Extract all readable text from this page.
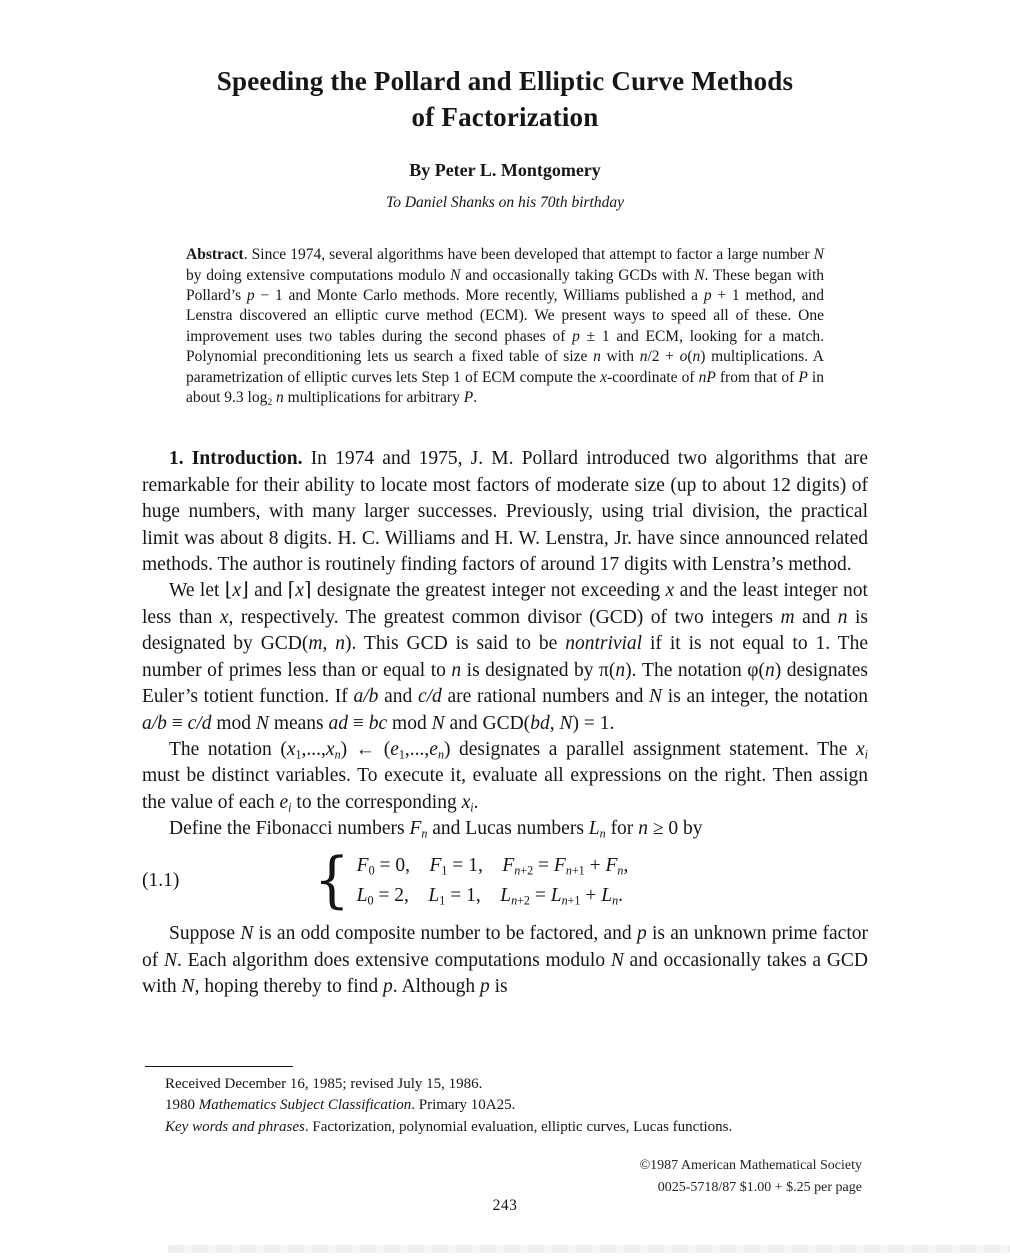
Speeding the Pollard and Elliptic Curve Methods
of Factorization
By Peter L. Montgomery
To Daniel Shanks on his 70th birthday
Abstract. Since 1974, several algorithms have been developed that attempt to factor a large number N by doing extensive computations modulo N and occasionally taking GCDs with N. These began with Pollard’s p − 1 and Monte Carlo methods. More recently, Williams published a p + 1 method, and Lenstra discovered an elliptic curve method (ECM). We present ways to speed all of these. One improvement uses two tables during the second phases of p ± 1 and ECM, looking for a match. Polynomial preconditioning lets us search a fixed table of size n with n/2 + o(n) multiplications. A parametrization of elliptic curves lets Step 1 of ECM compute the x-coordinate of nP from that of P in about 9.3 log2 n multiplications for arbitrary P.

1. Introduction. In 1974 and 1975, J. M. Pollard introduced two algorithms that are remarkable for their ability to locate most factors of moderate size (up to about 12 digits) of huge numbers, with many larger successes. Previously, using trial division, the practical limit was about 8 digits. H. C. Williams and H. W. Lenstra, Jr. have since announced related methods. The author is routinely finding factors of around 17 digits with Lenstra’s method.

We let ⌊x⌋ and ⌈x⌉ designate the greatest integer not exceeding x and the least integer not less than x, respectively. The greatest common divisor (GCD) of two integers m and n is designated by GCD(m, n). This GCD is said to be nontrivial if it is not equal to 1. The number of primes less than or equal to n is designated by π(n). The notation φ(n) designates Euler’s totient function. If a/b and c/d are rational numbers and N is an integer, the notation a/b ≡ c/d mod N means ad ≡ bc mod N and GCD(bd, N) = 1.

The notation (x1,...,xn) ← (e1,...,en) designates a parallel assignment statement. The xi must be distinct variables. To execute it, evaluate all expressions on the right. Then assign the value of each ei to the corresponding xi.

Define the Fibonacci numbers Fn and Lucas numbers Ln for n ≥ 0 by

(1.1)	{ F0 = 0, F1 = 1, Fn+2 = Fn+1 + Fn,
L0 = 2, L1 = 1, Ln+2 = Ln+1 + Ln.

Suppose N is an odd composite number to be factored, and p is an unknown prime factor of N. Each algorithm does extensive computations modulo N and occasionally takes a GCD with N, hoping thereby to find p. Although p is

Received December 16, 1985; revised July 15, 1986.

1980 Mathematics Subject Classification. Primary 10A25.

Key words and phrases. Factorization, polynomial evaluation, elliptic curves, Lucas functions.

©1987 American Mathematical Society
0025-5718/87 $1.00 + $.25 per page
243
